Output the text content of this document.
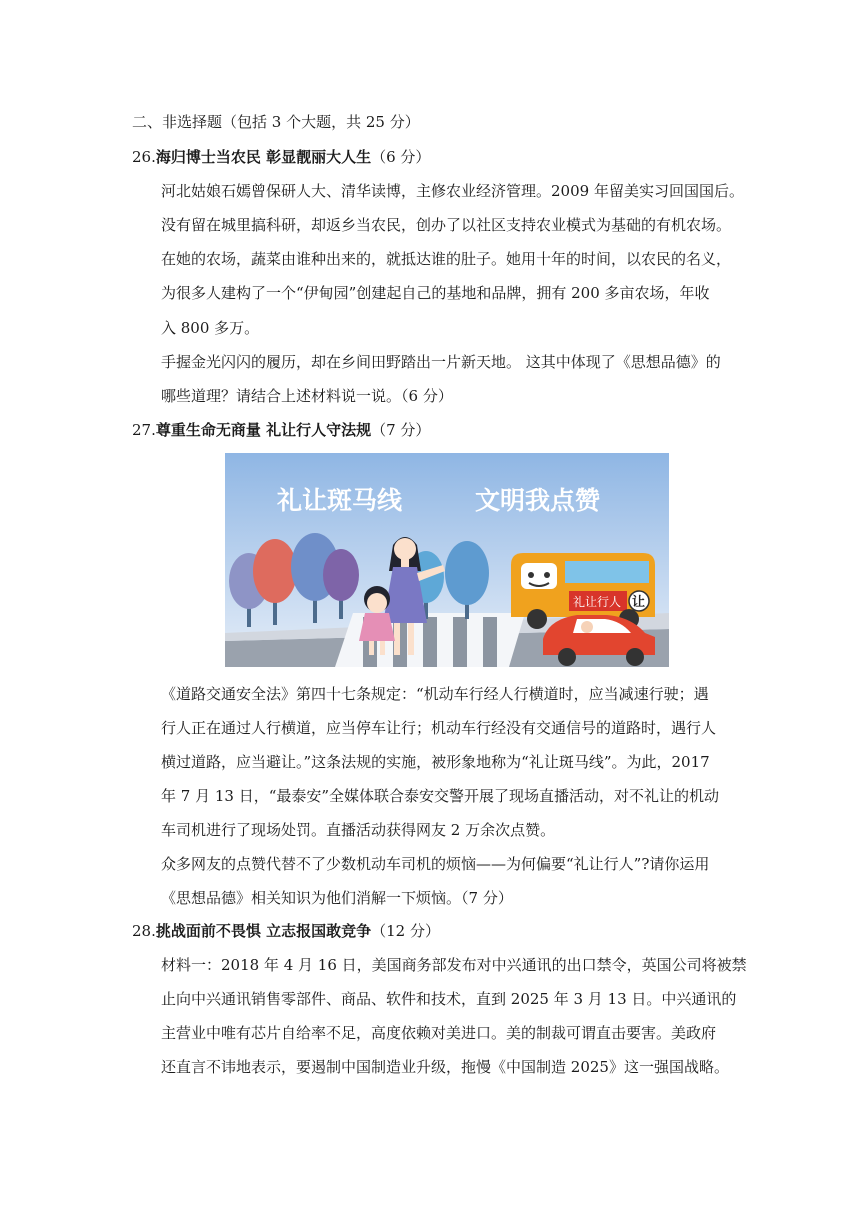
二、非选择题（包括 3 个大题，共 25 分）
26.海归博士当农民 彰显靓丽大人生（6 分）
河北姑娘石嫣曾保研人大、清华读博，主修农业经济管理。2009 年留美实习回国国后。
没有留在城里搞科研，却返乡当农民，创办了以社区支持农业模式为基础的有机农场。
在她的农场，蔬菜由谁种出来的，就抵达谁的肚子。她用十年的时间，以农民的名义，
为很多人建构了一个“伊甸园”创建起自己的基地和品牌，拥有 200 多亩农场，年收
入 800 多万。
手握金光闪闪的履历，却在乡间田野踏出一片新天地。 这其中体现了《思想品德》的
哪些道理？请结合上述材料说一说。（6 分）
27.尊重生命无商量 礼让行人守法规（7 分）
礼让斑马线	文明我点赞
礼让行人 让
《道路交通安全法》第四十七条规定：“机动车行经人行横道时，应当减速行驶；遇
行人正在通过人行横道，应当停车让行；机动车行经没有交通信号的道路时，遇行人
横过道路，应当避让。”这条法规的实施，被形象地称为“礼让斑马线”。为此，2017
年 7 月 13 日，“最泰安”全媒体联合泰安交警开展了现场直播活动，对不礼让的机动
车司机进行了现场处罚。直播活动获得网友 2 万余次点赞。
众多网友的点赞代替不了少数机动车司机的烦恼——为何偏要“礼让行人”?请你运用
《思想品德》相关知识为他们消解一下烦恼。（7 分）
28.挑战面前不畏惧 立志报国敢竞争（12 分）
材料一：2018 年 4 月 16 日，美国商务部发布对中兴通讯的出口禁令，英国公司将被禁
止向中兴通讯销售零部件、商品、软件和技术，直到 2025 年 3 月 13 日。中兴通讯的
主营业中唯有芯片自给率不足，高度依赖对美进口。美的制裁可谓直击要害。美政府
还直言不讳地表示，要遏制中国制造业升级，拖慢《中国制造 2025》这一强国战略。
